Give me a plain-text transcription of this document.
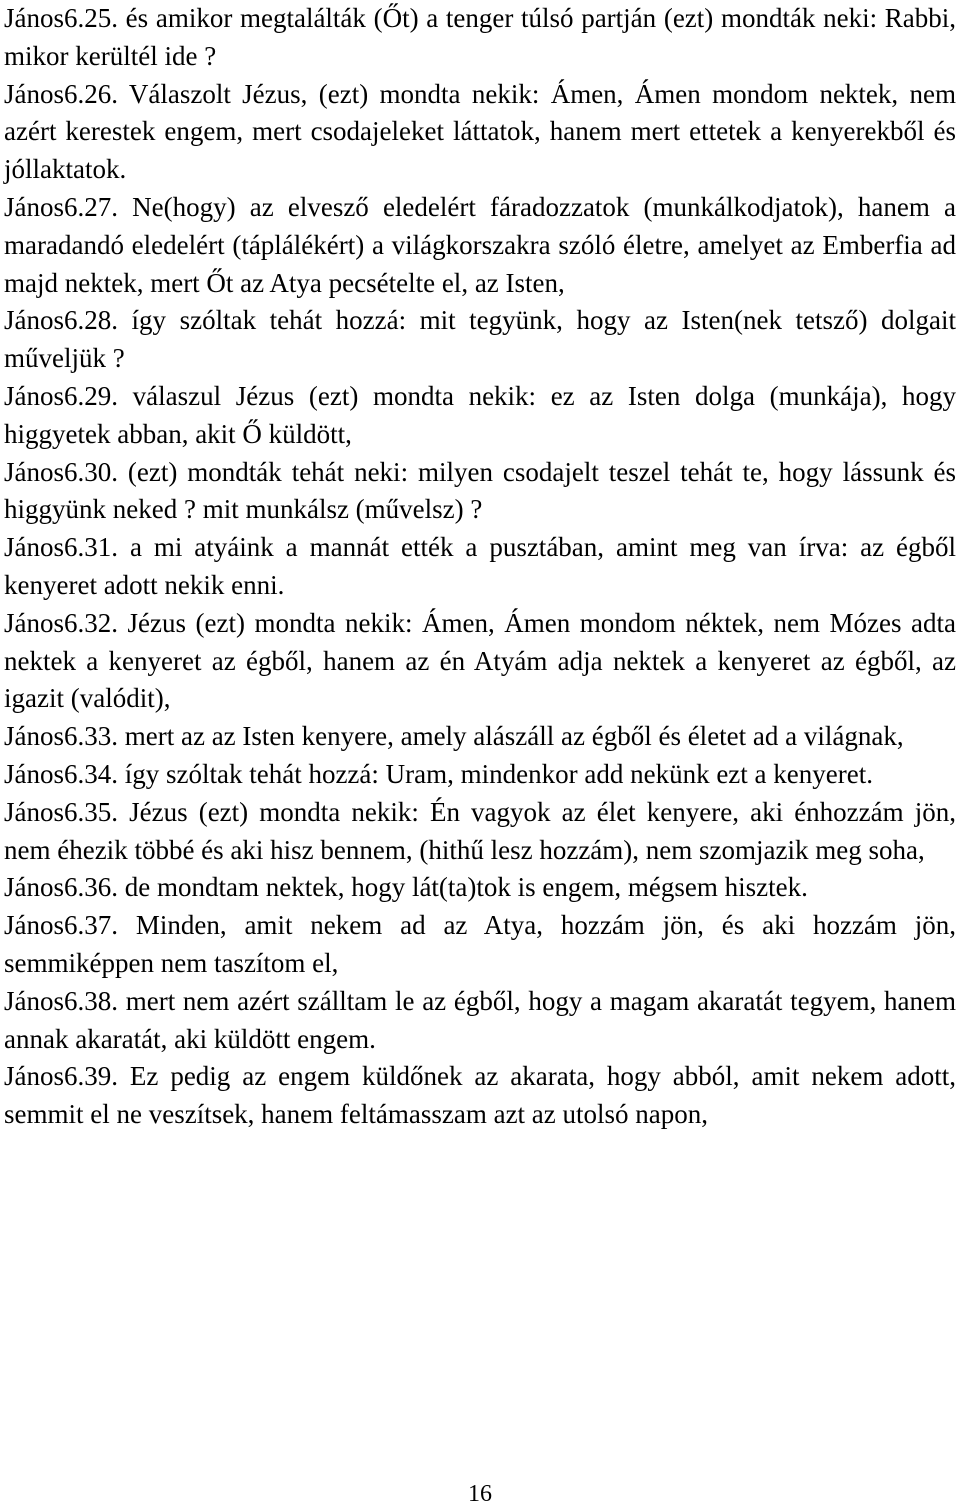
János6.25. és amikor megtalálták (Őt) a tenger túlsó partján (ezt) mondták neki: Rabbi, mikor kerültél ide ?

János6.26. Válaszolt Jézus, (ezt) mondta nekik: Ámen, Ámen mondom nektek, nem azért kerestek engem, mert csodajeleket láttatok, hanem mert ettetek a kenyerekből és jóllaktatok.

János6.27. Ne(hogy) az elvesző eledelért fáradozzatok (munkálkodjatok), hanem a maradandó eledelért (táplálékért) a világkorszakra szóló életre, amelyet az Emberfia ad majd nektek, mert Őt az Atya pecsételte el, az Isten,

János6.28. így szóltak tehát hozzá: mit tegyünk, hogy az Isten(nek tetsző) dolgait műveljük ?

János6.29. válaszul Jézus (ezt) mondta nekik: ez az Isten dolga (munkája), hogy higgyetek abban, akit Ő küldött,

János6.30. (ezt) mondták tehát neki: milyen csodajelt teszel tehát te, hogy lássunk és higgyünk neked ? mit munkálsz (művelsz) ?

János6.31. a mi atyáink a mannát ették a pusztában, amint meg van írva: az égből kenyeret adott nekik enni.

János6.32. Jézus (ezt) mondta nekik: Ámen, Ámen mondom néktek, nem Mózes adta nektek a kenyeret az égből, hanem az én Atyám adja nektek a kenyeret az égből, az igazit (valódit),

János6.33. mert az az Isten kenyere, amely alászáll az égből és életet ad a világnak,

János6.34. így szóltak tehát hozzá: Uram, mindenkor add nekünk ezt a kenyeret.

János6.35. Jézus (ezt) mondta nekik: Én vagyok az élet kenyere, aki énhozzám jön, nem éhezik többé és aki hisz bennem, (hithű lesz hozzám), nem szomjazik meg soha,

János6.36. de mondtam nektek, hogy lát(ta)tok is engem, mégsem hisztek.

János6.37. Minden, amit nekem ad az Atya, hozzám jön, és aki hozzám jön, semmiképpen nem taszítom el,

János6.38. mert nem azért szálltam le az égből, hogy a magam akaratát tegyem, hanem annak akaratát, aki küldött engem.

János6.39. Ez pedig az engem küldőnek az akarata, hogy abból, amit nekem adott, semmit el ne veszítsek, hanem feltámasszam azt az utolsó napon,

16
